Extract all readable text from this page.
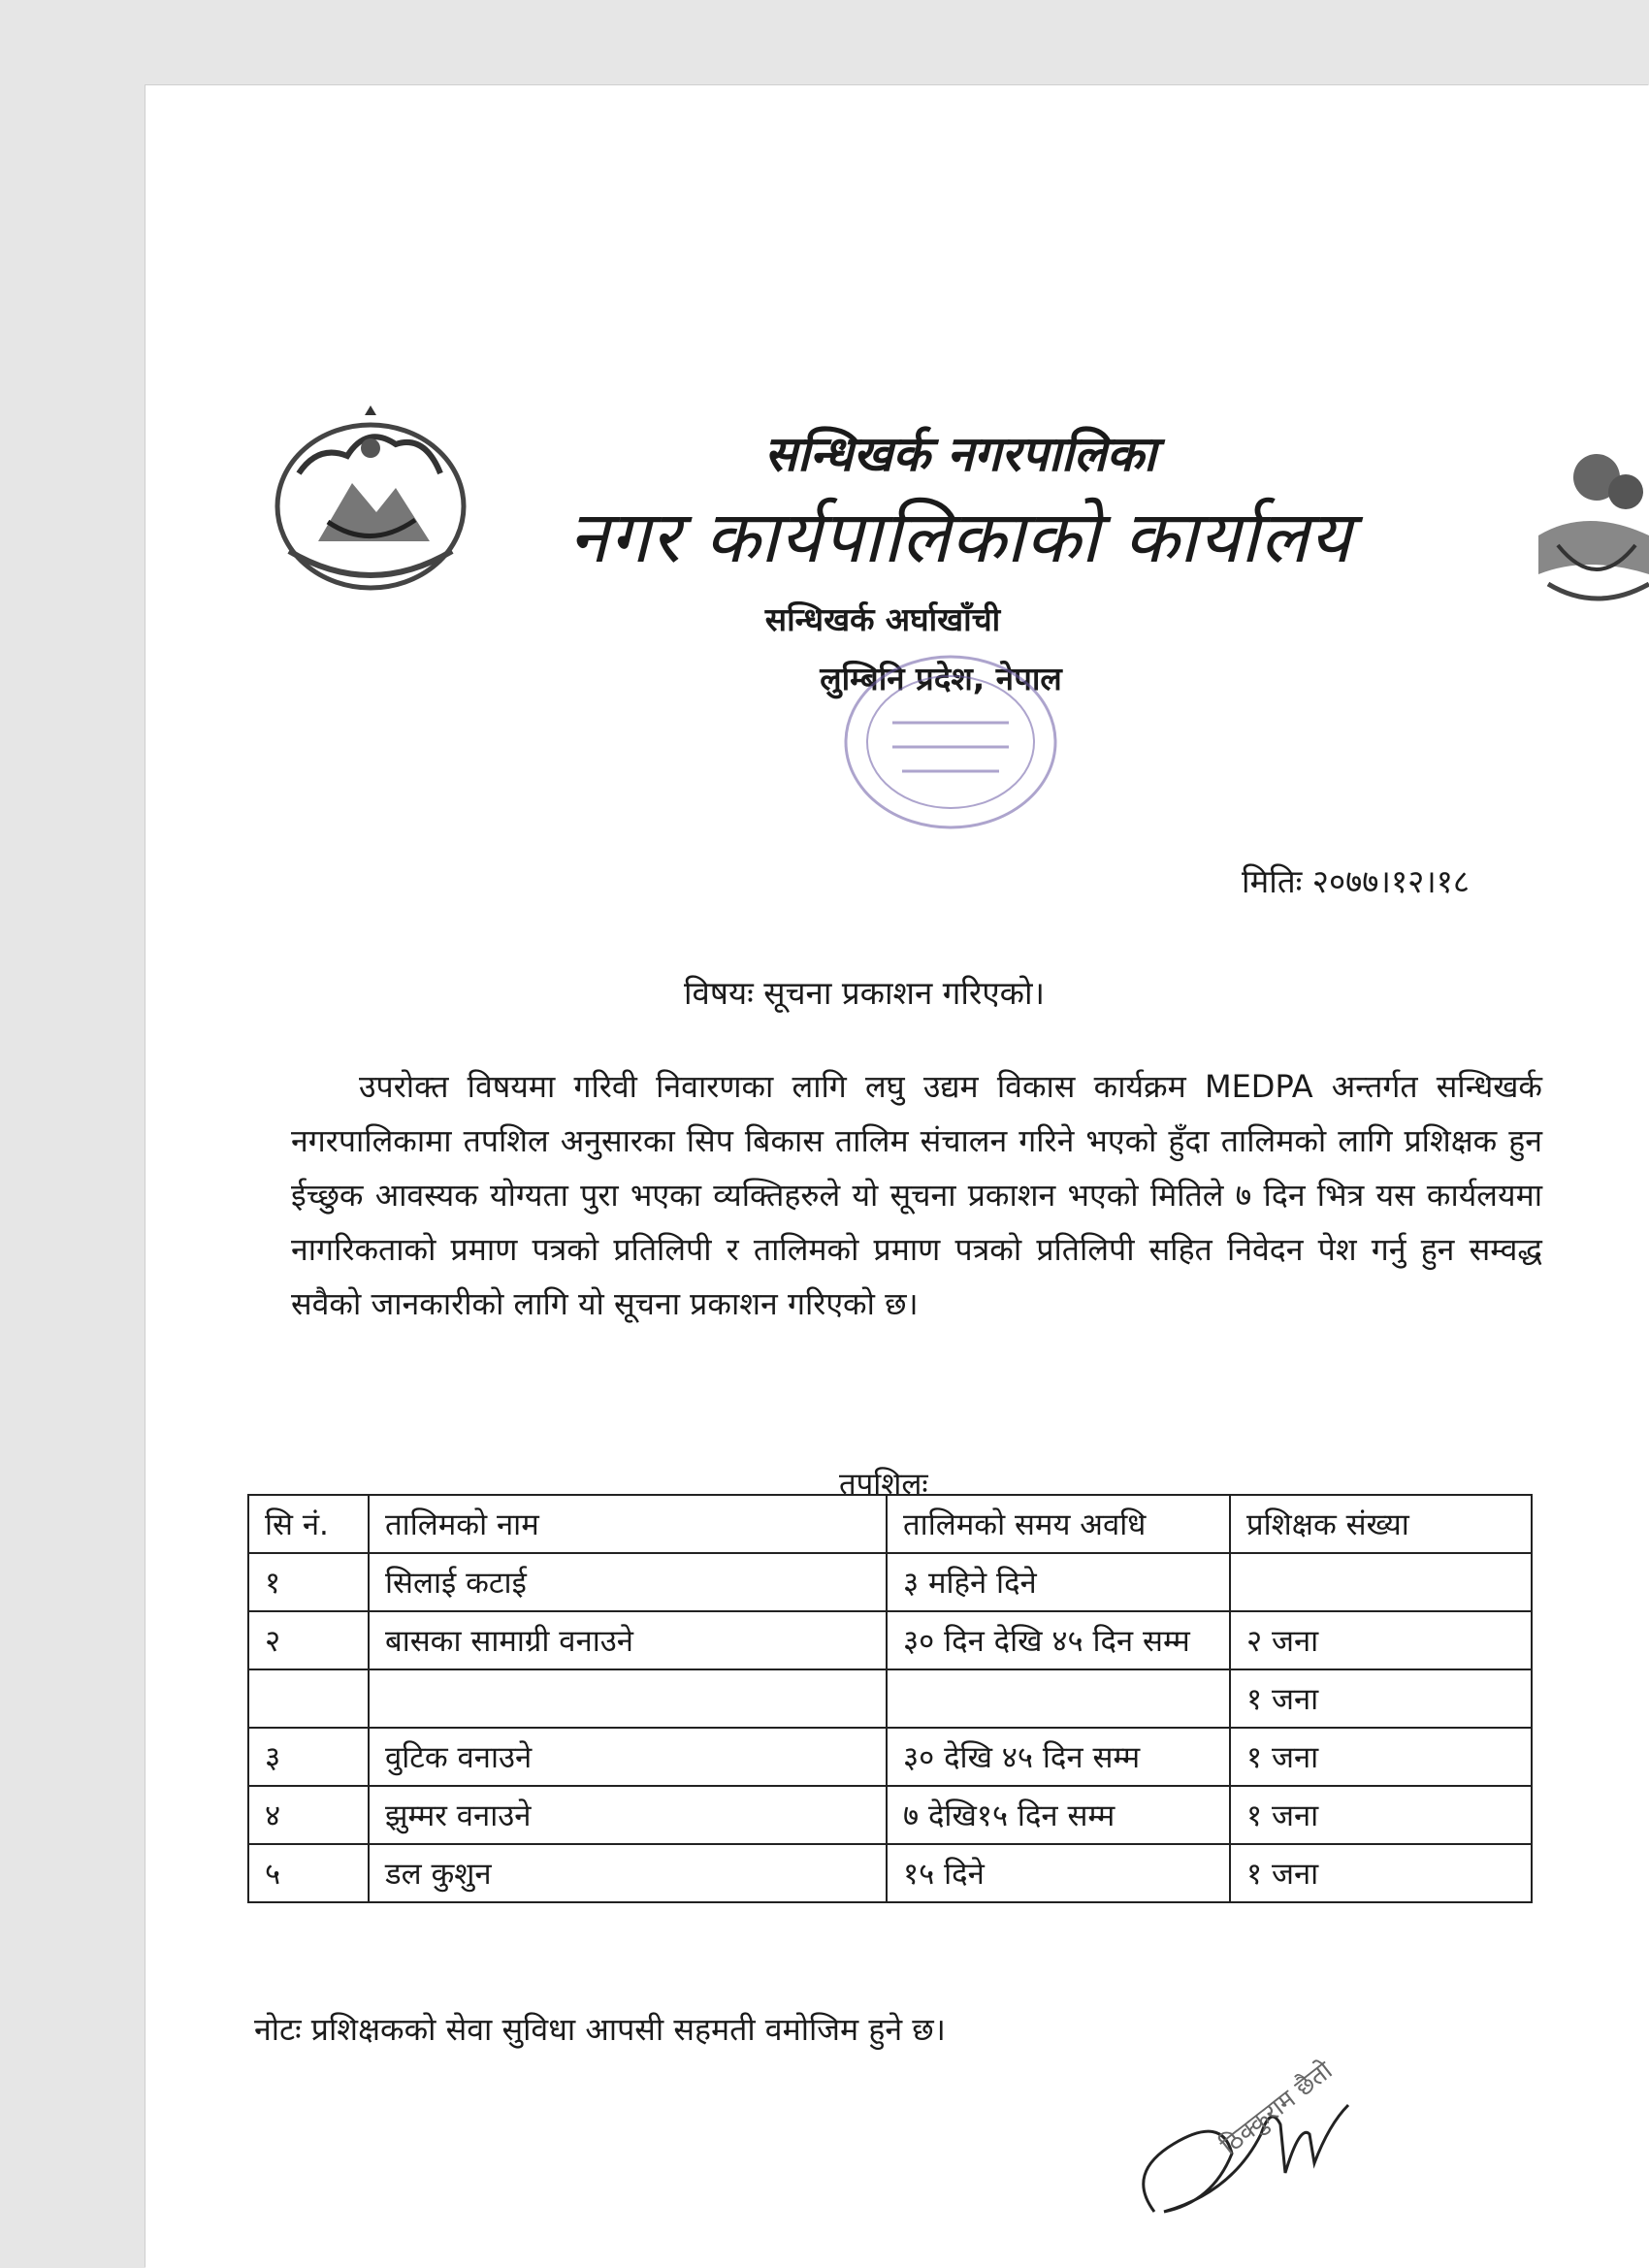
सन्धिखर्क नगरपालिका
नगर कार्यपालिकाको कार्यालय
सन्धिखर्क अर्घाखाँची
लुम्बिनि प्रदेश, नेपाल
मितिः २०७७।१२।१८
विषयः सूचना प्रकाशन गरिएको।
उपरोक्त विषयमा गरिवी निवारणका लागि लघु उद्यम विकास कार्यक्रम MEDPA अन्तर्गत सन्धिखर्क नगरपालिकामा तपशिल अनुसारका सिप बिकास तालिम संचालन गरिने भएको हुँदा तालिमको लागि प्रशिक्षक हुन ईच्छुक आवस्यक योग्यता पुरा भएका व्यक्तिहरुले यो सूचना प्रकाशन भएको मितिले ७ दिन भित्र यस कार्यलयमा नागरिकताको प्रमाण पत्रको प्रतिलिपी र तालिमको प्रमाण पत्रको प्रतिलिपी सहित निवेदन पेश गर्नु हुन सम्वद्ध सवैको जानकारीको लागि यो सूचना प्रकाशन गरिएको छ।
तपशिलः
सि नं.	तालिमको नाम	तालिमको समय अवधि	प्रशिक्षक संख्या
१	सिलाई कटाई	३ महिने दिने	
२	बासका सामाग्री वनाउने	३० दिन देखि ४५ दिन सम्म	२ जना
			१ जना
३	वुटिक वनाउने	३० देखि ४५ दिन सम्म	१ जना
४	झुम्मर वनाउने	७ देखि१५ दिन सम्म	१ जना
५	डल कुशुन	१५ दिने	१ जना
नोटः प्रशिक्षकको सेवा सुविधा आपसी सहमती वमोजिम हुने छ।
ठिक्कुराम छैतो
